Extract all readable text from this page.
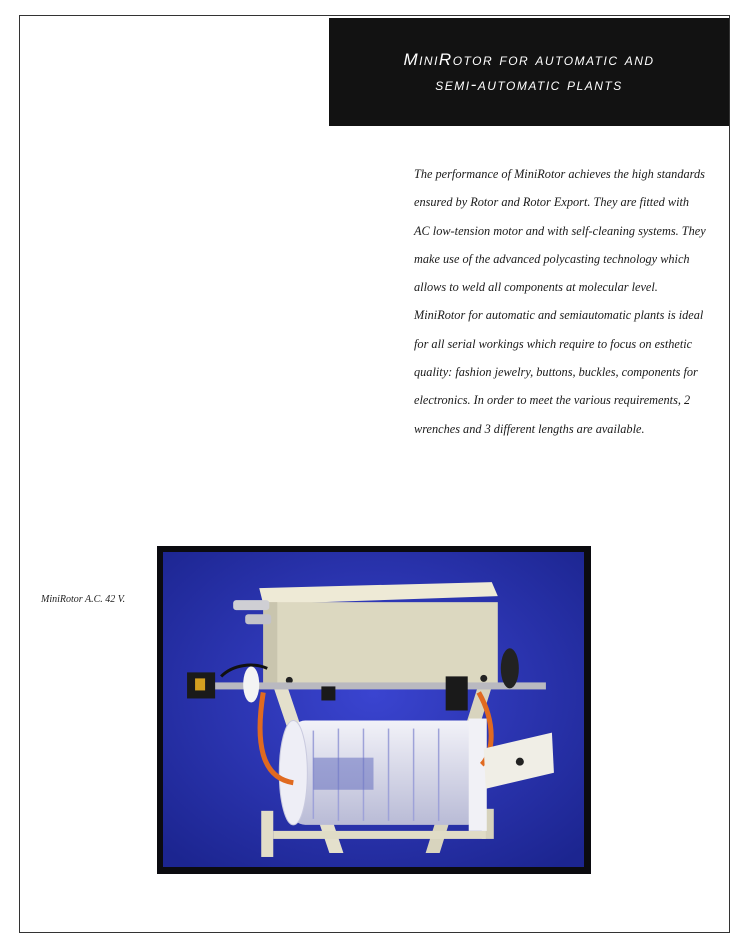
MiniRotor for automatic and
semi-automatic plants

The performance of MiniRotor achieves the high standards ensured by Rotor and Rotor Export. They are fitted with AC low-tension motor and with self-cleaning systems. They make use of the advanced polycasting technology which allows to weld all components at molecular level. MiniRotor for automatic and semiautomatic plants is ideal for all serial workings which require to focus on esthetic quality: fashion jewelry, buttons, buckles, components for electronics. In order to meet the various requirements, 2 wrenches and 3 different lengths are available.

MiniRotor A.C. 42 V.
